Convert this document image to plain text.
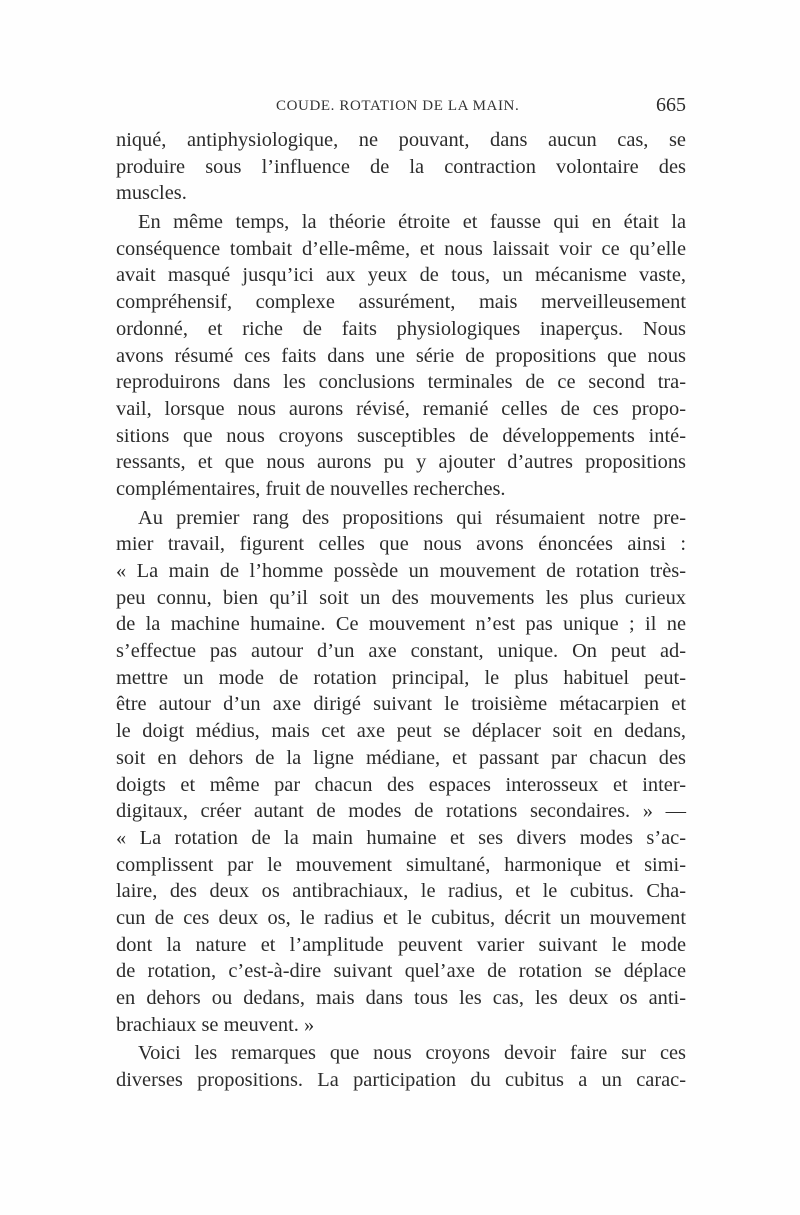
COUDE. ROTATION DE LA MAIN.	665
niqué, antiphysiologique, ne pouvant, dans aucun cas, se
produire sous l’influence de la contraction volontaire des
muscles.
En même temps, la théorie étroite et fausse qui en était la
conséquence tombait d’elle-même, et nous laissait voir ce qu’elle
avait masqué jusqu’ici aux yeux de tous, un mécanisme vaste,
compréhensif, complexe assurément, mais merveilleusement
ordonné, et riche de faits physiologiques inaperçus. Nous
avons résumé ces faits dans une série de propositions que nous
reproduirons dans les conclusions terminales de ce second tra-
vail, lorsque nous aurons révisé, remanié celles de ces propo-
sitions que nous croyons susceptibles de développements inté-
ressants, et que nous aurons pu y ajouter d’autres propositions
complémentaires, fruit de nouvelles recherches.
Au premier rang des propositions qui résumaient notre pre-
mier travail, figurent celles que nous avons énoncées ainsi :
« La main de l’homme possède un mouvement de rotation très-
peu connu, bien qu’il soit un des mouvements les plus curieux
de la machine humaine. Ce mouvement n’est pas unique ; il ne
s’effectue pas autour d’un axe constant, unique. On peut ad-
mettre un mode de rotation principal, le plus habituel peut-
être autour d’un axe dirigé suivant le troisième métacarpien et
le doigt médius, mais cet axe peut se déplacer soit en dedans,
soit en dehors de la ligne médiane, et passant par chacun des
doigts et même par chacun des espaces interosseux et inter-
digitaux, créer autant de modes de rotations secondaires. » —
« La rotation de la main humaine et ses divers modes s’ac-
complissent par le mouvement simultané, harmonique et simi-
laire, des deux os antibrachiaux, le radius, et le cubitus. Cha-
cun de ces deux os, le radius et le cubitus, décrit un mouvement
dont la nature et l’amplitude peuvent varier suivant le mode
de rotation, c’est-à-dire suivant quel’axe de rotation se déplace
en dehors ou dedans, mais dans tous les cas, les deux os anti-
brachiaux se meuvent. »
Voici les remarques que nous croyons devoir faire sur ces
diverses propositions. La participation du cubitus a un carac-
